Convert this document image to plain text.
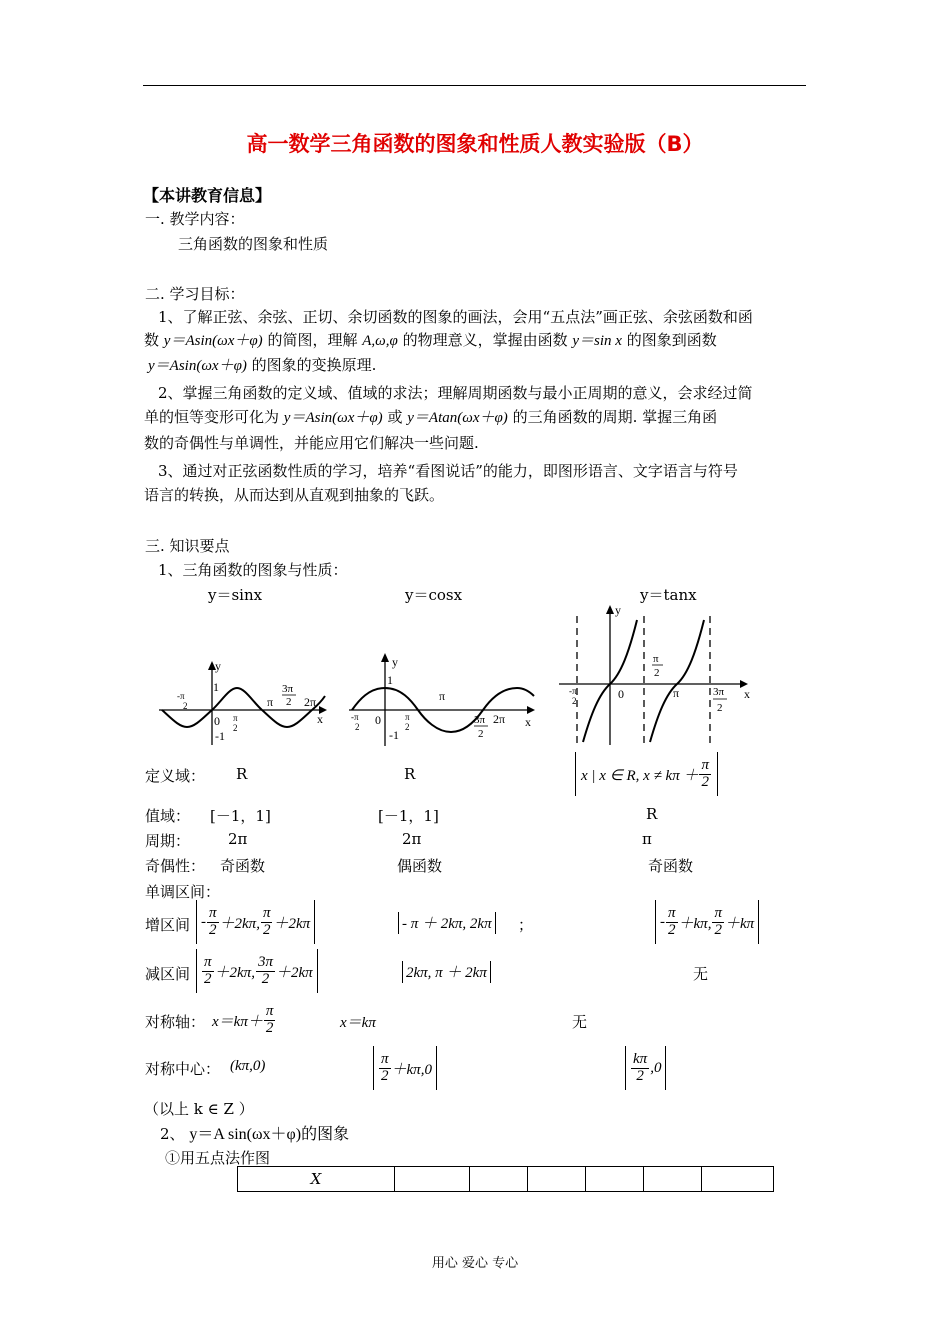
高一数学三角函数的图象和性质人教实验版（B）
【本讲教育信息】
一. 教学内容：
三角函数的图象和性质
二. 学习目标：
1、了解正弦、余弦、正切、余切函数的图象的画法，会用“五点法”画正弦、余弦函数和函
数 y＝Asin(ωx＋φ) 的简图，理解 A,ω,φ 的物理意义，掌握由函数 y＝sin x 的图象到函数
y＝Asin(ωx＋φ) 的图象的变换原理.
2、掌握三角函数的定义域、值域的求法；理解周期函数与最小正周期的意义，会求经过简
单的恒等变形可化为 y＝Asin(ωx＋φ) 或 y＝Atan(ωx＋φ) 的三角函数的周期. 掌握三角函
数的奇偶性与单调性，并能应用它们解决一些问题.
3、通过对正弦函数性质的学习，培养“看图说话”的能力，即图形语言、文字语言与符号
语言的转换，从而达到从直观到抽象的飞跃。
三. 知识要点
1、三角函数的图象与性质：
y＝sinx	y＝cosx	y＝tanx
y
1
0
-1
-π
2	π
3π
2 2π
x
π
2
y
1
0
-1
-π
2
π
2
π
3π
2
2π x
y
0
-π
2
π
2
π	3π
2
x
定义域： R	R	x | x ∈ R, $x \ne k\pi + \frac{\pi}{2}$
值域： [－1，1]	[－1，1]	R
周期：	2π	2π	π
奇偶性： 奇函数	偶函数	奇函数
单调区间：
增区间 - $\frac{\pi}{2} +2k\pi$, $\frac{\pi}{2} +2k\pi$	- π ＋ 2kπ, 2kπ ；	- $\frac{\pi}{2} +k\pi$, $\frac{\pi}{2} +k\pi$
减区间 $\frac{\pi}{2} +2k\pi$, $\frac{3\pi}{2} +2k\pi$	2kπ, π ＋ 2kπ	无
对称轴： $x=k\pi+ \frac{\pi}{2}$	x＝kπ	无
对称中心： (kπ,0)	$\frac{\pi}{2} +k\pi,0$	$\frac{k\pi}{2} ,0$
（以上 k ∈ Z ）
2、 y＝A sin(ωx＋φ)的图象
①用五点法作图
X						
用心 爱心 专心
